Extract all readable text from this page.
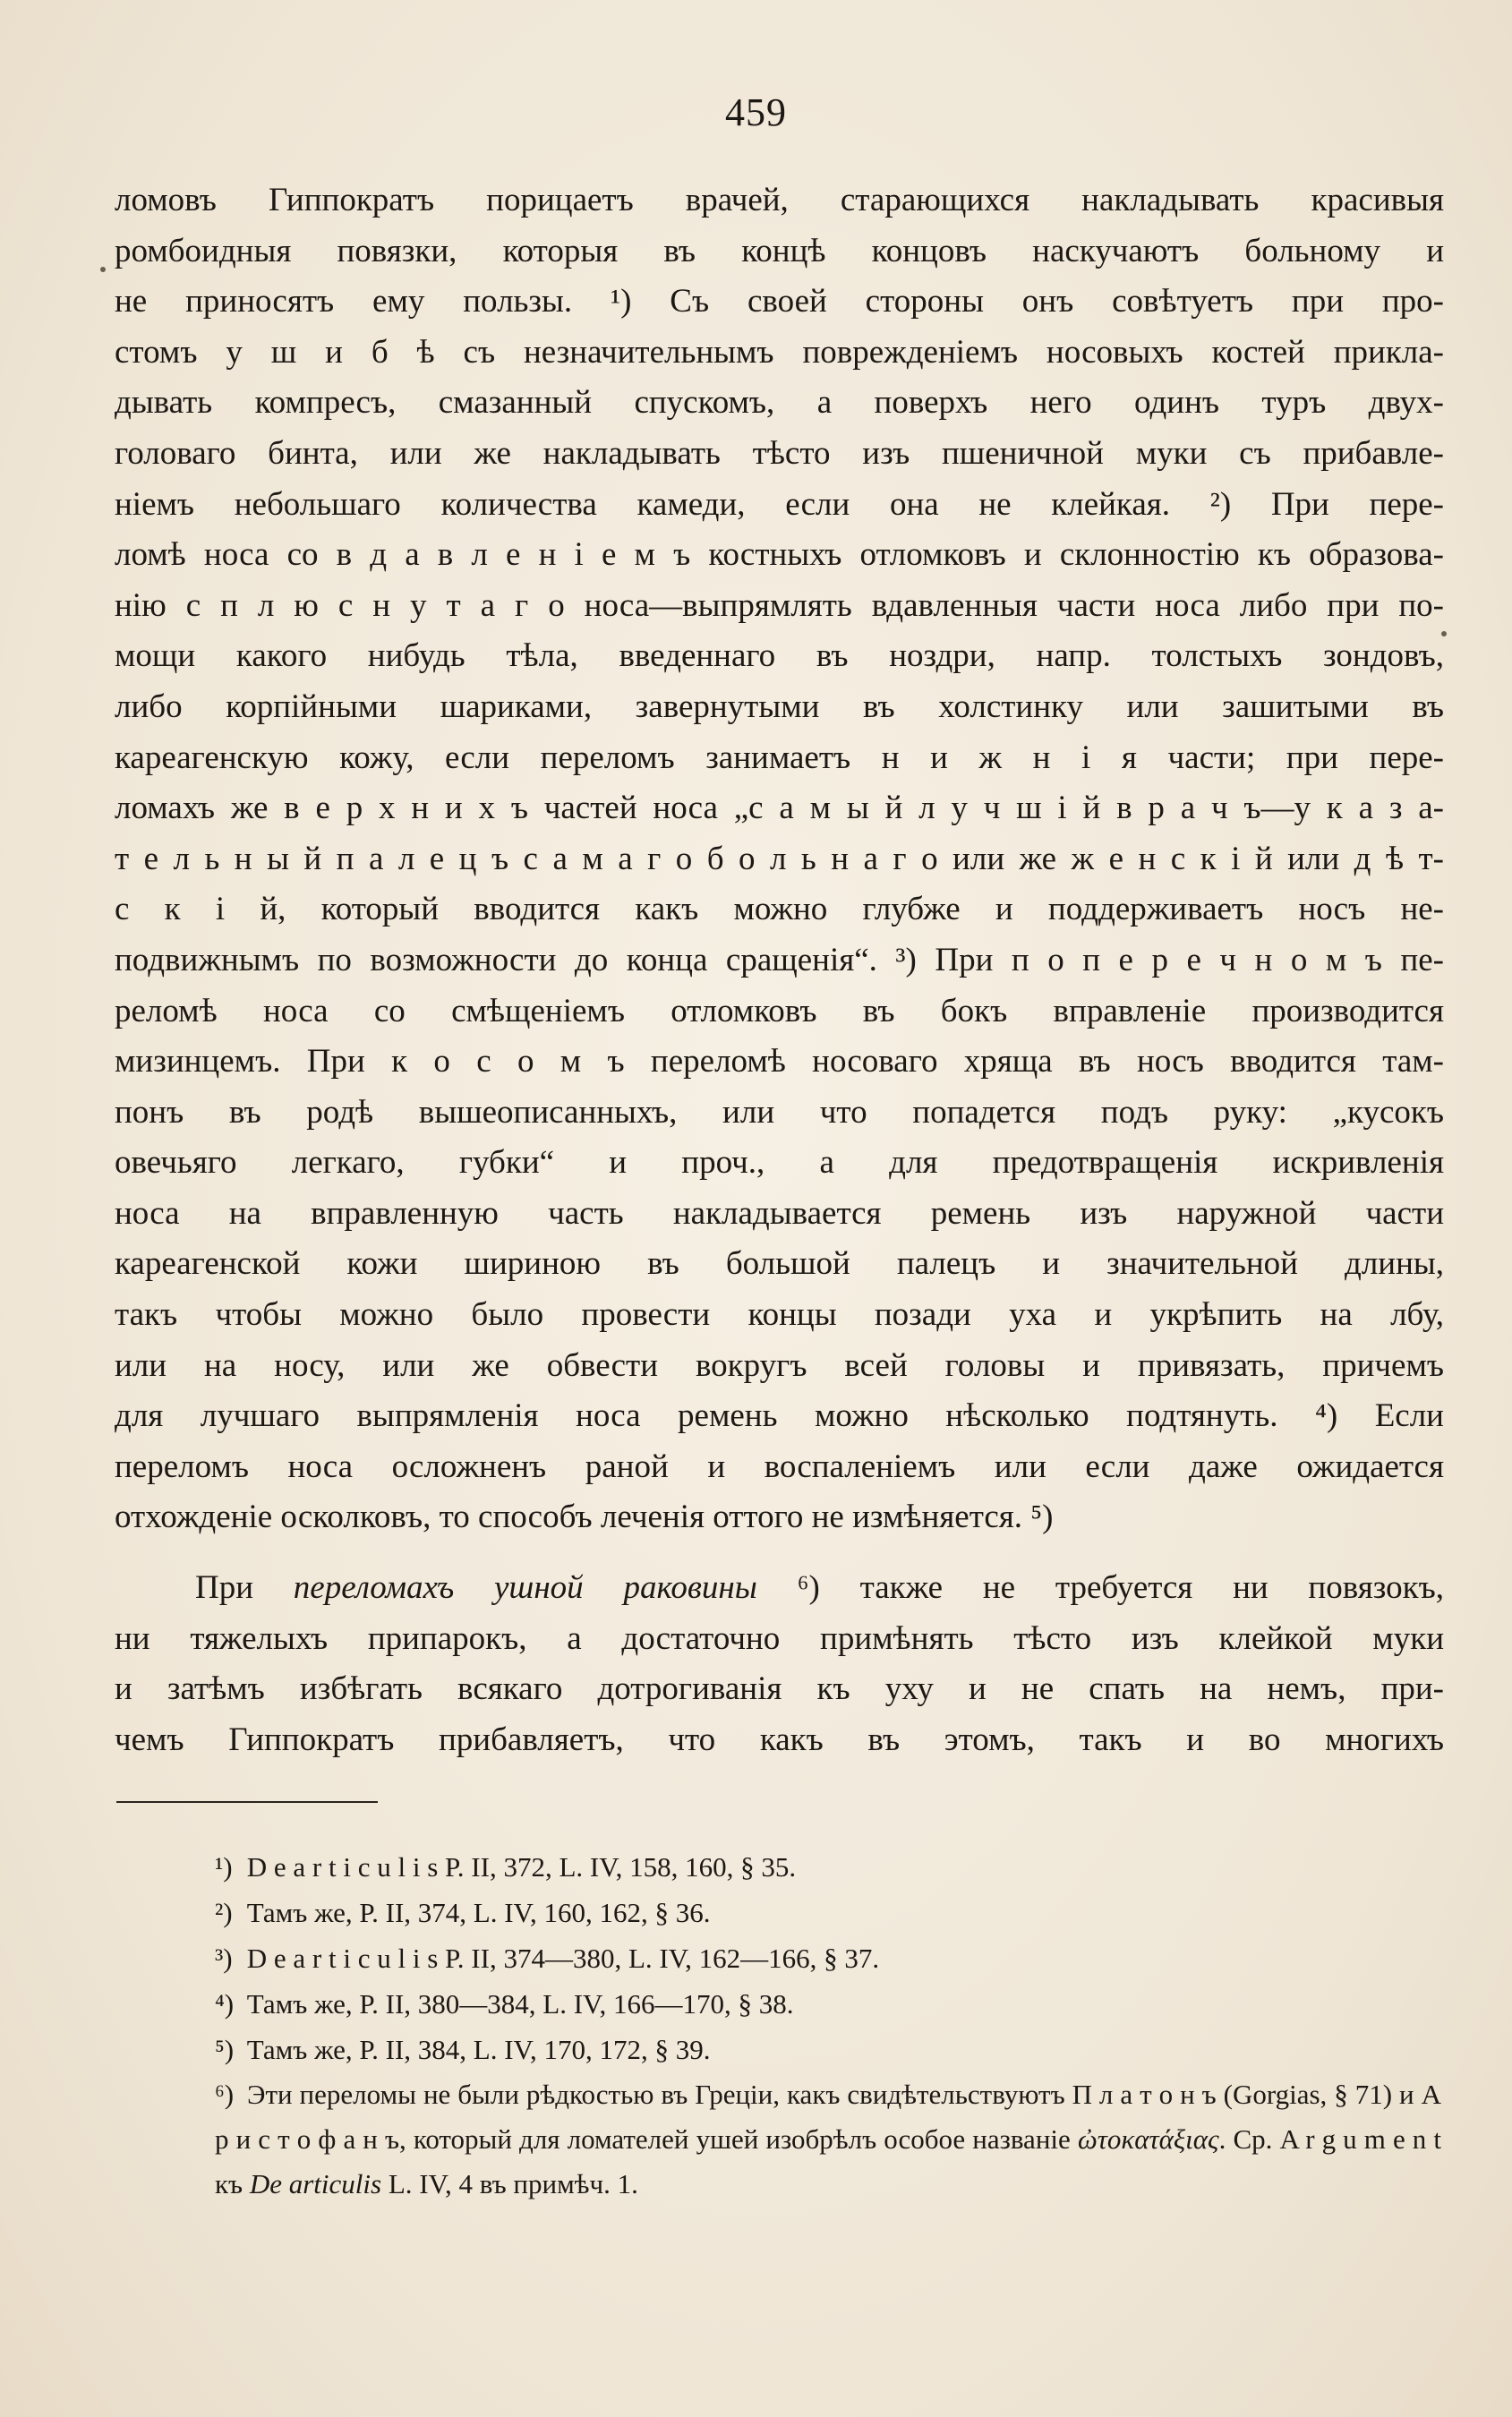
459
ломовъ Гиппократъ порицаетъ врачей, старающихся накладывать красивыя
ромбоидныя повязки, которыя въ концѣ концовъ наскучаютъ больному и
не приносятъ ему пользы. ¹) Съ своей стороны онъ совѣтуетъ при про-
стомъ у ш и б ѣ съ незначительнымъ поврежденіемъ носовыхъ костей прикла-
дывать компресъ, смазанный спускомъ, а поверхъ него одинъ туръ двух-
головаго бинта, или же накладывать тѣсто изъ пшеничной муки съ прибавле-
ніемъ небольшаго количества камеди, если она не клейкая. ²) При пере-
ломѣ носа со в д а в л е н і е м ъ костныхъ отломковъ и склонностію къ образова-
нію с п л ю с н у т а г о носа—выпрямлять вдавленныя части носа либо при по-
мощи какого нибудь тѣла, введеннаго въ ноздри, напр. толстыхъ зондовъ,
либо корпійными шариками, завернутыми въ холстинку или зашитыми въ
кареагенскую кожу, если переломъ занимаетъ н и ж н і я части; при пере-
ломахъ же в е р х н и х ъ частей носа „с а м ы й л у ч ш і й в р а ч ъ—у к а з а-
т е л ь н ы й п а л е ц ъ с а м а г о б о л ь н а г о или же ж е н с к і й или д ѣ т-
с к і й, который вводится какъ можно глубже и поддерживаетъ носъ не-
подвижнымъ по возможности до конца сращенія“. ³) При п о п е р е ч н о м ъ пе-
реломѣ носа со смѣщеніемъ отломковъ въ бокъ вправленіе производится
мизинцемъ. При к о с о м ъ переломѣ носоваго хряща въ носъ вводится там-
понъ въ родѣ вышеописанныхъ, или что попадется подъ руку: „кусокъ
овечьяго легкаго, губки“ и проч., а для предотвращенія искривленія
носа на вправленную часть накладывается ремень изъ наружной части
кареагенской кожи шириною въ большой палецъ и значительной длины,
такъ чтобы можно было провести концы позади уха и укрѣпить на лбу,
или на носу, или же обвести вокругъ всей головы и привязать, причемъ
для лучшаго выпрямленія носа ремень можно нѣсколько подтянуть. ⁴) Если
переломъ носа осложненъ раной и воспаленіемъ или если даже ожидается
отхожденіе осколковъ, то способъ леченія оттого не измѣняется. ⁵)
При переломахъ ушной раковины ⁶) также не требуется ни повязокъ,
ни тяжелыхъ припарокъ, а достаточно примѣнять тѣсто изъ клейкой муки
и затѣмъ избѣгать всякаго дотрогиванія къ уху и не спать на немъ, при-
чемъ Гиппократъ прибавляетъ, что какъ въ этомъ, такъ и во многихъ
¹) D e a r t i c u l i s P. II, 372, L. IV, 158, 160, § 35.
²) Тамъ же, P. II, 374, L. IV, 160, 162, § 36.
³) D e a r t i c u l i s P. II, 374—380, L. IV, 162—166, § 37.
⁴) Тамъ же, P. II, 380—384, L. IV, 166—170, § 38.
⁵) Тамъ же, P. II, 384, L. IV, 170, 172, § 39.
⁶) Эти переломы не были рѣдкостью въ Греціи, какъ свидѣтельствуютъ П л а т о н ъ (Gorgias, § 71) и А р и с т о ф а н ъ, который для ломателей ушей изобрѣлъ особое названіе ὠτοκατάξιας. Ср. A r g u m e n t къ De articulis L. IV, 4 въ примѣч. 1.
